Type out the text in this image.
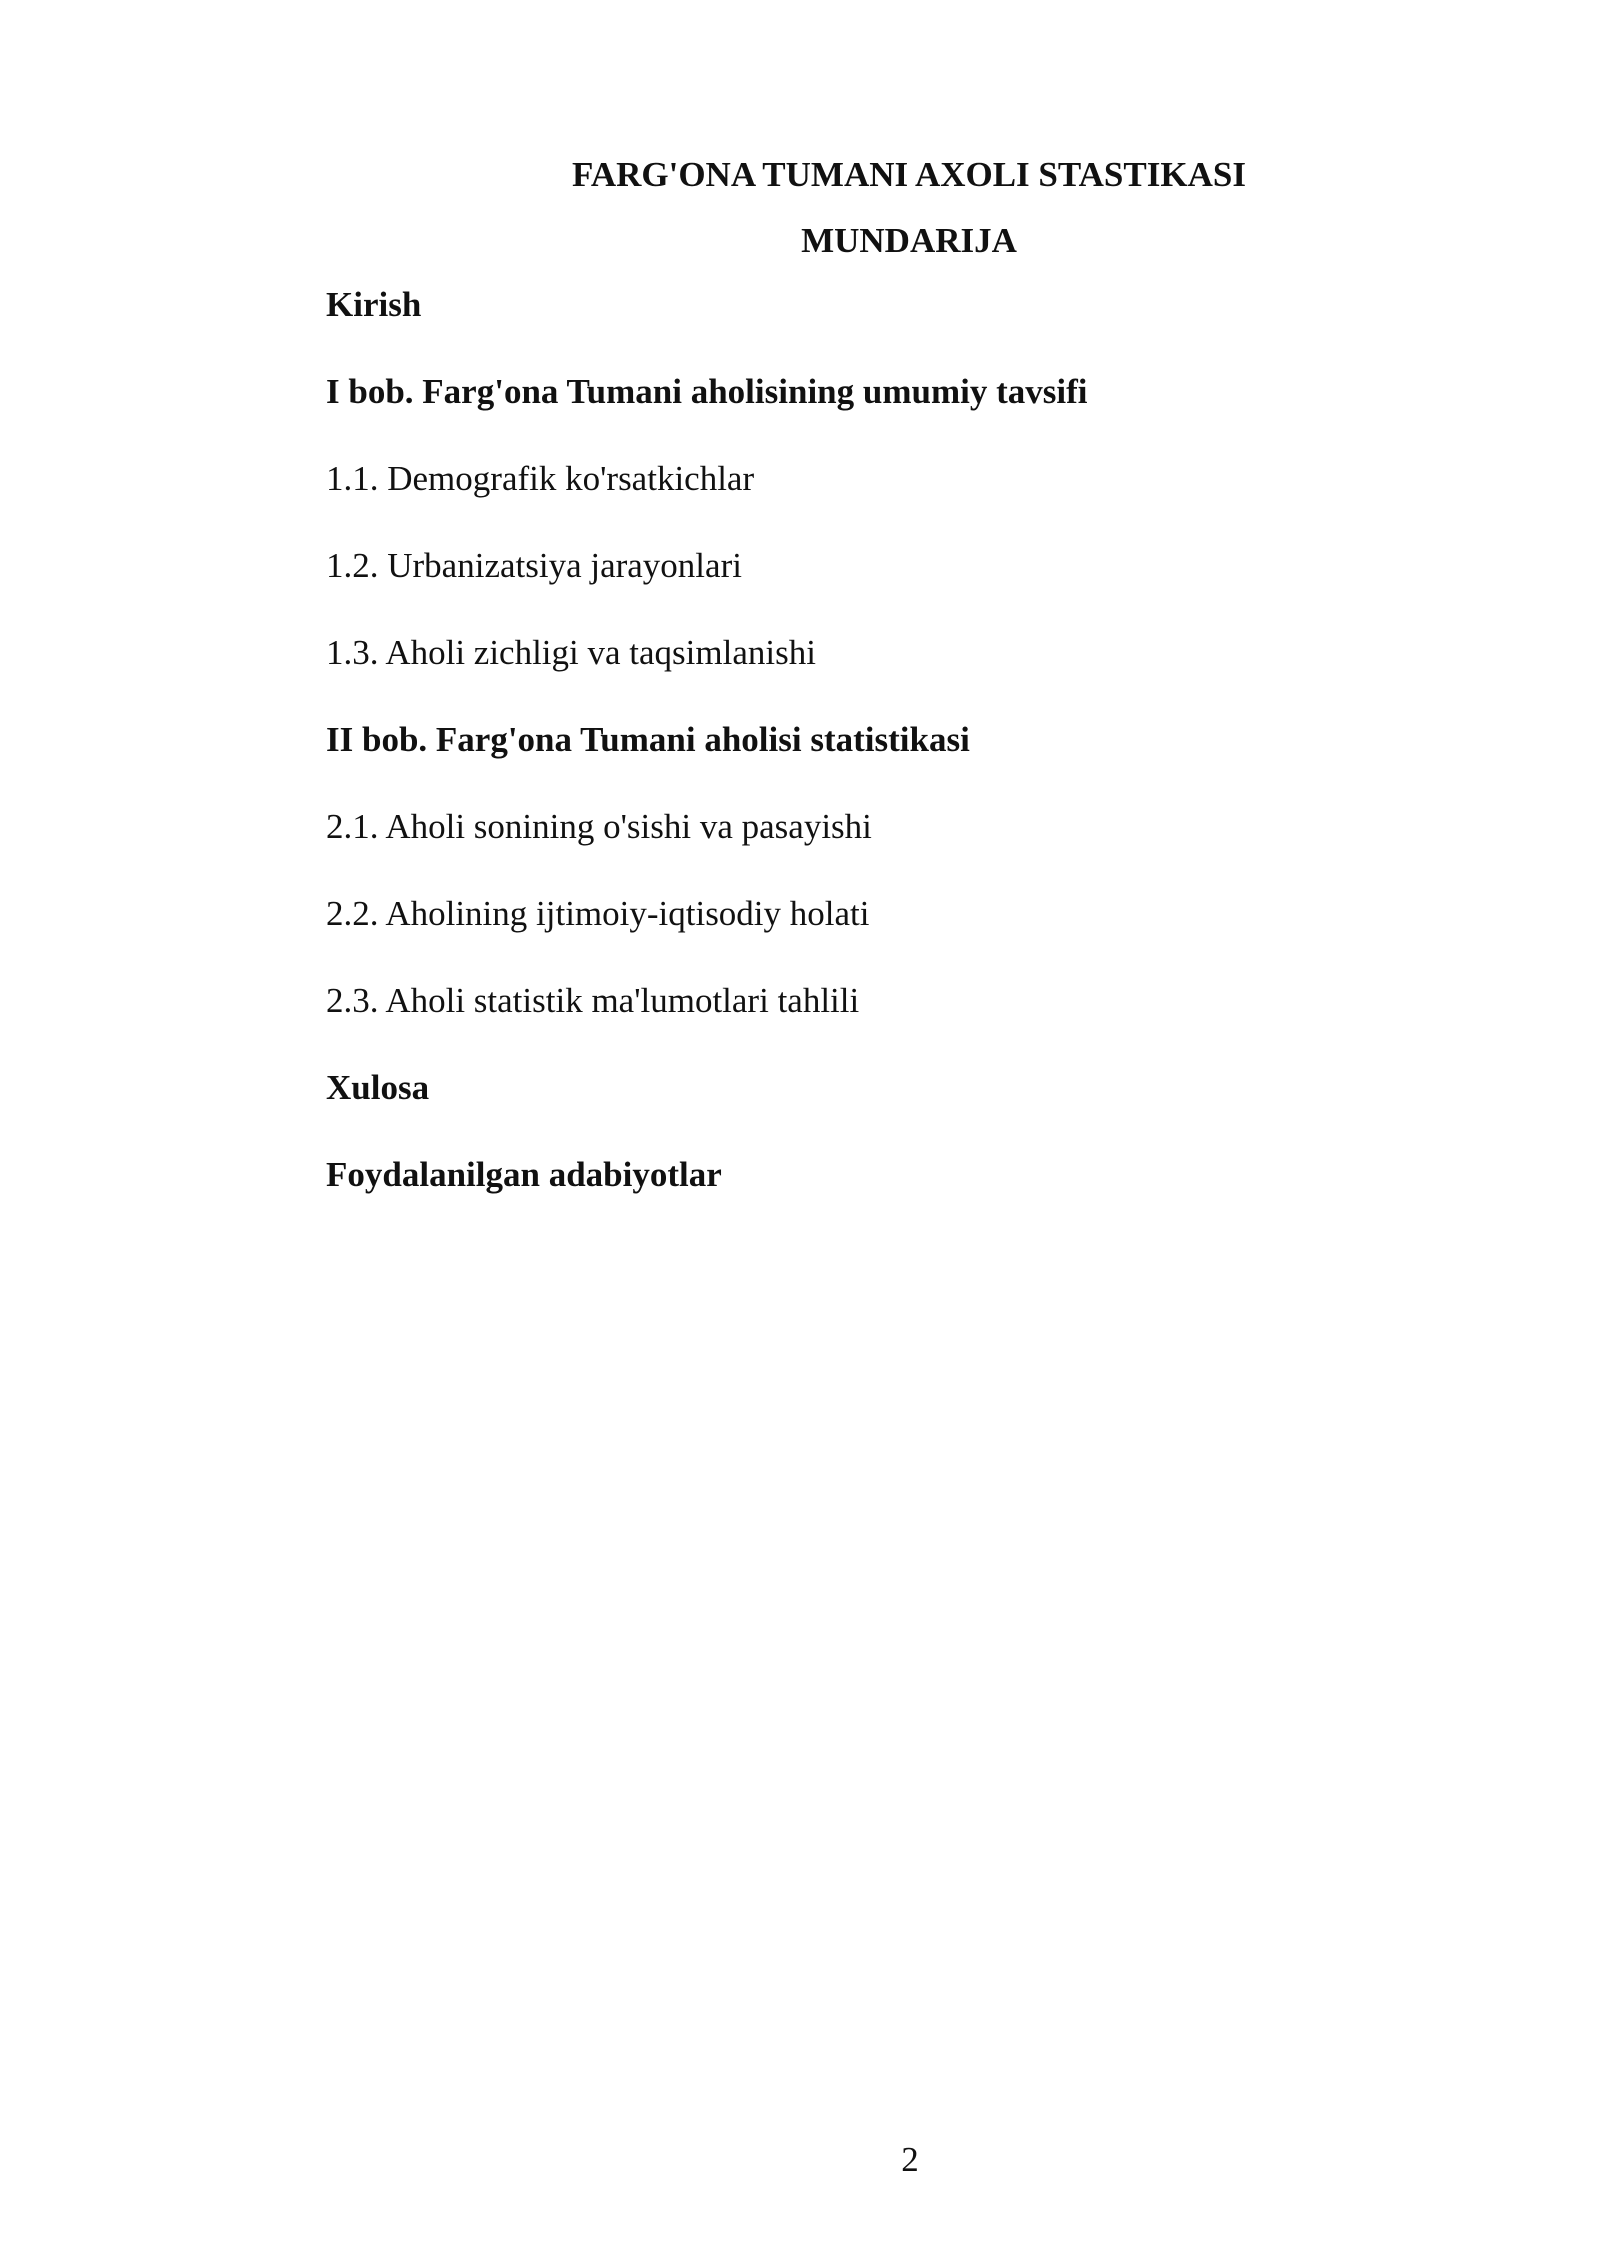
FARG'ONA TUMANI AXOLI STASTIKASI
MUNDARIJA
Kirish
I bob. Farg'ona Tumani aholisining umumiy tavsifi
1.1. Demografik ko'rsatkichlar
1.2. Urbanizatsiya jarayonlari
1.3. Aholi zichligi va taqsimlanishi
II bob. Farg'ona Tumani aholisi statistikasi
2.1. Aholi sonining o'sishi va pasayishi
2.2. Aholining ijtimoiy-iqtisodiy holati
2.3. Aholi statistik ma'lumotlari tahlili
Xulosa
Foydalanilgan adabiyotlar
2
